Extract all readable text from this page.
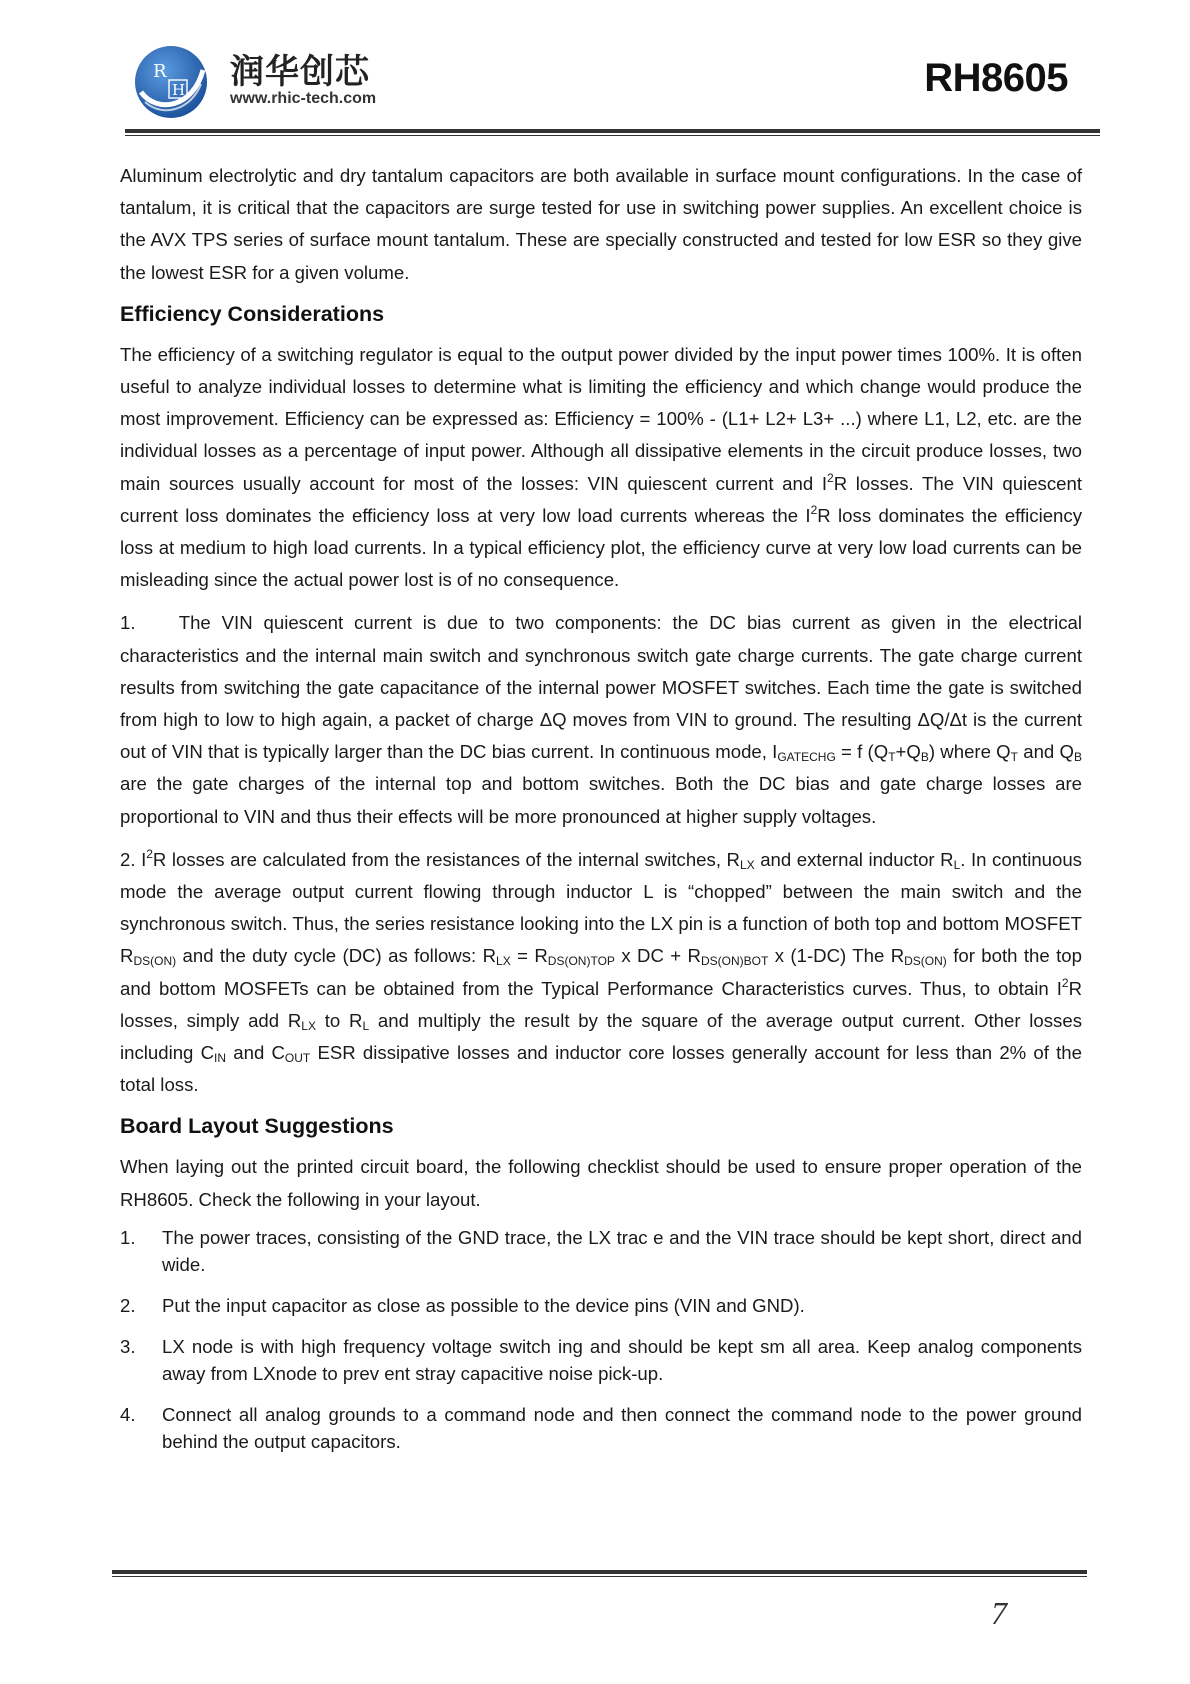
R
H 润华创芯
www.rhic-tech.com	RH8605

Aluminum electrolytic and dry tantalum capacitors are both available in surface mount configurations. In the case of tantalum, it is critical that the capacitors are surge tested for use in switching power supplies. An excellent choice is the AVX TPS series of surface mount tantalum. These are specially constructed and tested for low ESR so they give the lowest ESR for a given volume.

Efficiency Considerations

The efficiency of a switching regulator is equal to the output power divided by the input power times 100%. It is often useful to analyze individual losses to determine what is limiting the efficiency and which change would produce the most improvement. Efficiency can be expressed as: Efficiency = 100% - (L1+ L2+ L3+ ...) where L1, L2, etc. are the individual losses as a percentage of input power. Although all dissipative elements in the circuit produce losses, two main sources usually account for most of the losses: VIN quiescent current and $I^2R$ losses. The VIN quiescent current loss dominates the efficiency loss at very low load currents whereas the $I^2R$ loss dominates the efficiency loss at medium to high load currents. In a typical efficiency plot, the efficiency curve at very low load currents can be misleading since the actual power lost is of no consequence.

1. The VIN quiescent current is due to two components: the DC bias current as given in the electrical characteristics and the internal main switch and synchronous switch gate charge currents. The gate charge current results from switching the gate capacitance of the internal power MOSFET switches. Each time the gate is switched from high to low to high again, a packet of charge ΔQ moves from VIN to ground. The resulting ΔQ/Δt is the current out of VIN that is typically larger than the DC bias current. In continuous mode, $I_{GATECHG} = f$ $(Q_T+Q_B)$ where $Q_T$ and $Q_B$ are the gate charges of the internal top and bottom switches. Both the DC bias and gate charge losses are proportional to VIN and thus their effects will be more pronounced at higher supply voltages.

2. $I^2R$ losses are calculated from the resistances of the internal switches, $R_{LX}$ and external inductor $R_L$. In continuous mode the average output current flowing through inductor L is “chopped” between the main switch and the synchronous switch. Thus, the series resistance looking into the LX pin is a function of both top and bottom MOSFET $R_{DS(ON)}$ and the duty cycle (DC) as follows: $R_{LX} = R_{DS(ON)TOP}$ x DC + $R_{DS(ON)BOT}$ x (1-DC) The $R_{DS(ON)}$ for both the top and bottom MOSFETs can be obtained from the Typical Performance Characteristics curves. Thus, to obtain $I^2R$ losses, simply add $R_{LX}$ to $R_L$ and multiply the result by the square of the average output current. Other losses including $C_{IN}$ and $C_{OUT}$ ESR dissipative losses and inductor core losses generally account for less than 2% of the total loss.

Board Layout Suggestions

When laying out the printed circuit board, the following checklist should be used to ensure proper operation of the RH8605. Check the following in your layout.

1. The power traces, consisting of the GND trace, the LX trac e and the VIN trace should be kept short, direct and wide.
2. Put the input capacitor as close as possible to the device pins (VIN and GND).
3. LX node is with high frequency voltage switch ing and should be kept sm all area. Keep analog components away from LXnode to prev ent stray capacitive noise pick-up.
4. Connect all analog grounds to a command node and then connect the command node to the power ground behind the output capacitors.
7
